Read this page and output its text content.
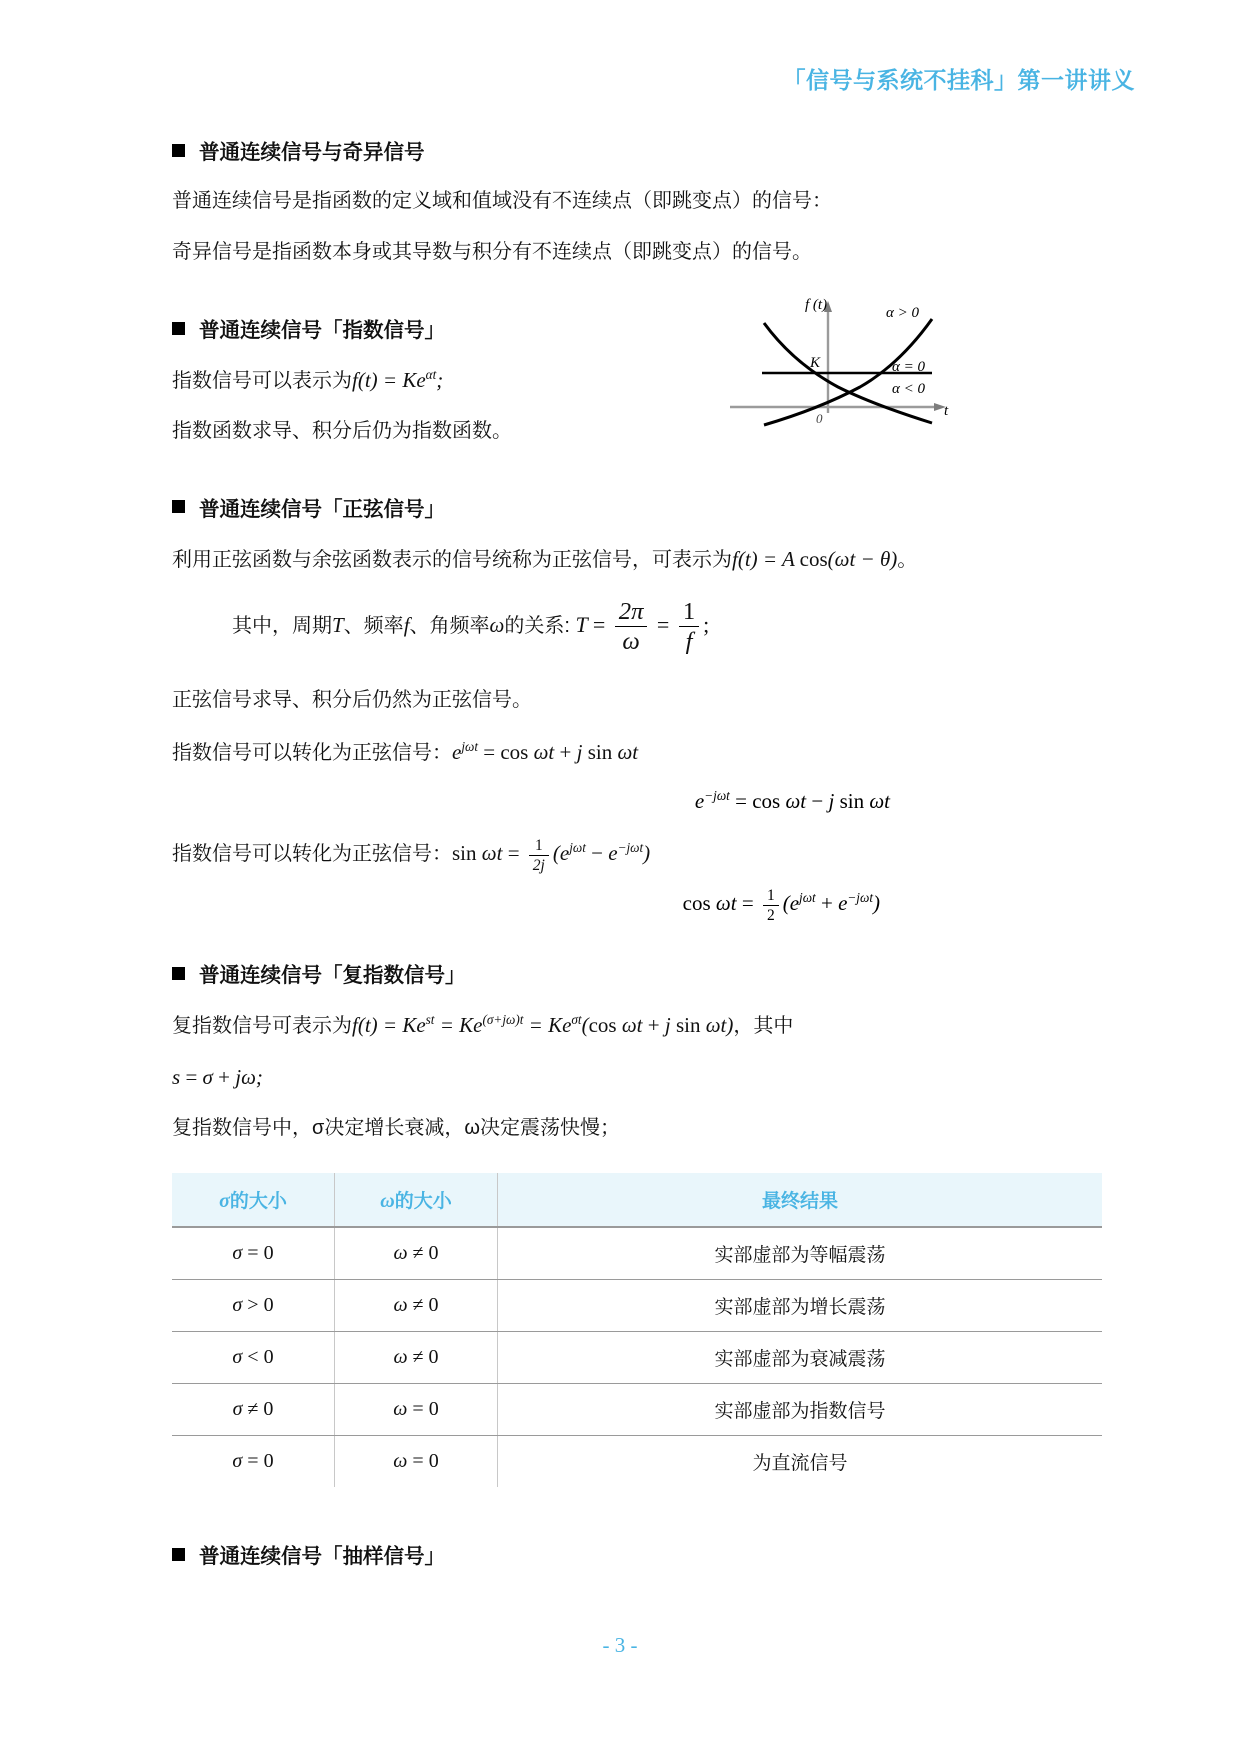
「信号与系统不挂科」第一讲讲义
f (t)
K
0	t
α > 0
α = 0
α < 0
普通连续信号与奇异信号

普通连续信号是指函数的定义域和值域没有不连续点（即跳变点）的信号：

奇异信号是指函数本身或其导数与积分有不连续点（即跳变点）的信号。

普通连续信号「指数信号」

指数信号可以表示为$f(t) = Ke^{\alpha t}$;

指数函数求导、积分后仍为指数函数。

普通连续信号「正弦信号」

利用正弦函数与余弦函数表示的信号统称为正弦信号，可表示为f(t) = A cos(ωt − θ)。

其中，周期T、频率f、角频率ω的关系: $T = \frac{2\pi}{\omega} = \frac{1}{f}$ ;

正弦信号求导、积分后仍然为正弦信号。

指数信号可以转化为正弦信号：$e^{j\omega t} = \cos \omega t + j$ sin ωt

$e^{-j\omega t} = \cos \omega t - j$ sin ωt

指数信号可以转化为正弦信号：$\sin \omega t = \frac{1}{2j} (e^{j\omega t} - e^{-j\omega t})$

$\cos \omega t = \frac{1}{2} (e^{j\omega t} + e^{-j\omega t})$

普通连续信号「复指数信号」

复指数信号可表示为$f(t) = Ke^{st} = Ke^{(\sigma+j\omega)t} = Ke^{\sigma t}(\cos$ ωt + j sin ωt)，其中

s = σ + jω;

复指数信号中，σ决定增长衰减，ω决定震荡快慢；

σ的大小	ω的大小	最终结果
σ = 0	ω ≠ 0	实部虚部为等幅震荡
σ > 0	ω ≠ 0	实部虚部为增长震荡
σ < 0	ω ≠ 0	实部虚部为衰减震荡
σ ≠ 0	ω = 0	实部虚部为指数信号
σ = 0	ω = 0	为直流信号
普通连续信号「抽样信号」
- 3 -
